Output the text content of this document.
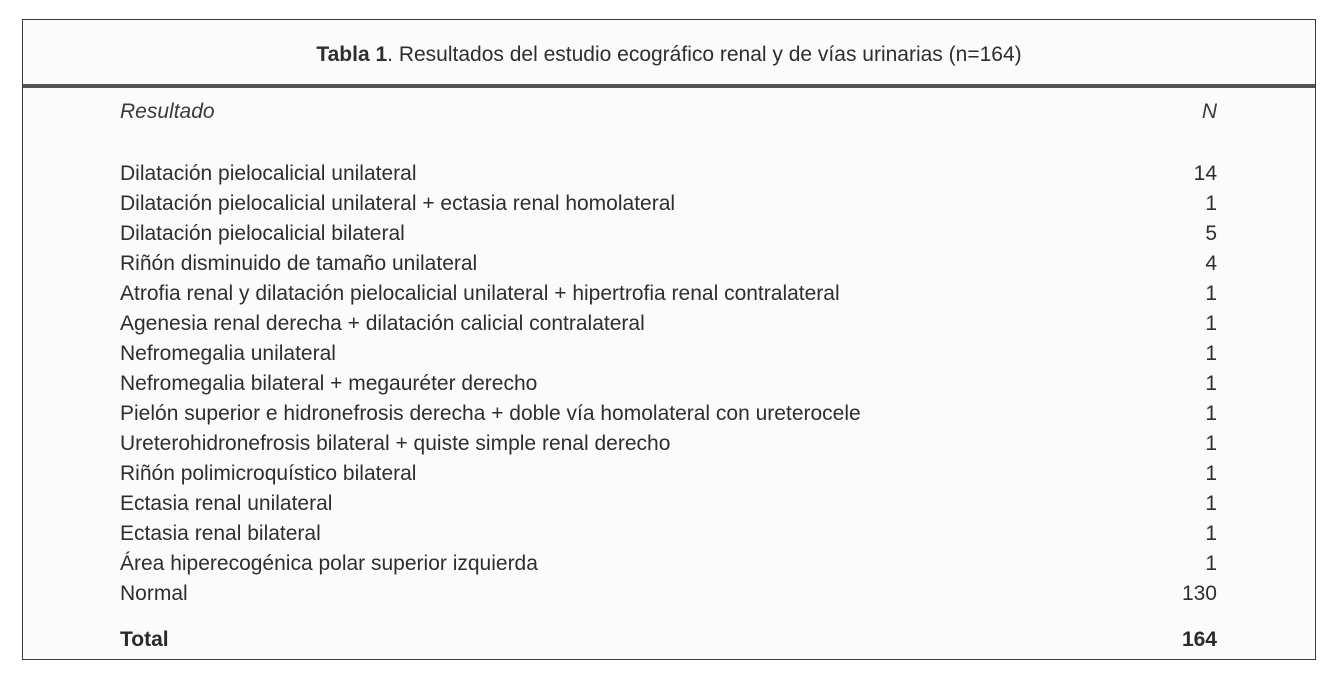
Tabla 1. Resultados del estudio ecográfico renal y de vías urinarias (n=164)
Resultado	N
Dilatación pielocalicial unilateral	14
Dilatación pielocalicial unilateral + ectasia renal homolateral	1
Dilatación pielocalicial bilateral	5
Riñón disminuido de tamaño unilateral	4
Atrofia renal y dilatación pielocalicial unilateral + hipertrofia renal contralateral	1
Agenesia renal derecha + dilatación calicial contralateral	1
Nefromegalia unilateral	1
Nefromegalia bilateral + megauréter derecho	1
Pielón superior e hidronefrosis derecha + doble vía homolateral con ureterocele	1
Ureterohidronefrosis bilateral + quiste simple renal derecho	1
Riñón polimicroquístico bilateral	1
Ectasia renal unilateral	1
Ectasia renal bilateral	1
Área hiperecogénica polar superior izquierda	1
Normal	130
Total	164
